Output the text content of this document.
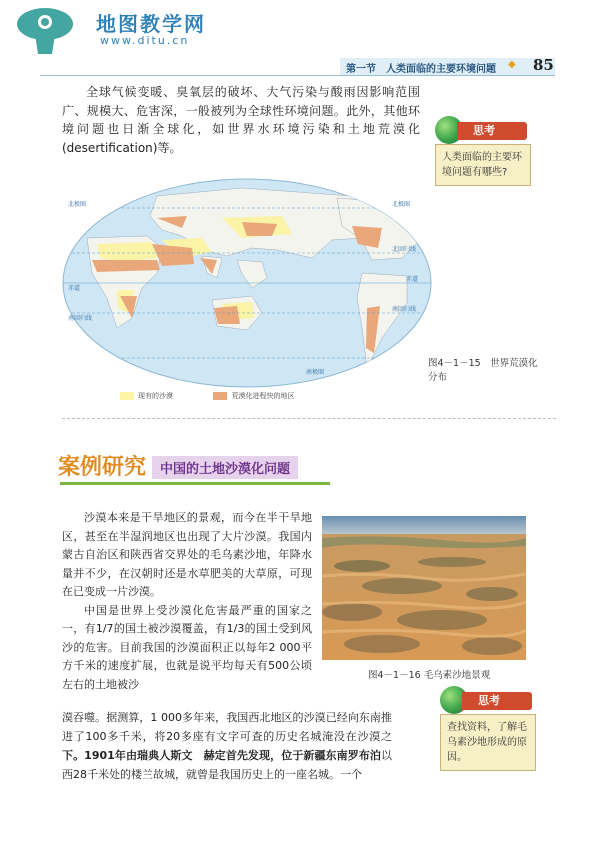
地图教学网
www.ditu.cn
第一节　人类面临的主要环境问题 ◆ 85

全球气候变暖、臭氧层的破坏、大气污染与酸雨因影响范围广、规模大、危害深，一般被列为全球性环境问题。此外，其他环境问题也日渐全球化，如世界水环境污染和土地荒漠化(desertification)等。

思考
人类面临的主要环境问题有哪些?
北极圈	北极圈
北回归线
赤道
赤道
南回归线
南回归线
南极圈
图4－1－15　世界荒漠化分布
现有的沙漠	荒漠化进程快的地区
案例研究	中国的土地沙漠化问题

沙漠本来是干旱地区的景观，而今在半干旱地区，甚至在半湿润地区也出现了大片沙漠。我国内蒙古自治区和陕西省交界处的毛乌素沙地，年降水量并不少，在汉朝时还是水草肥美的大草原，可现在已变成一片沙漠。

中国是世界上受沙漠化危害最严重的国家之一，有1/7的国土被沙漠覆盖，有1/3的国土受到风沙的危害。目前我国的沙漠面积正以每年2 000平方千米的速度扩展，也就是说平均每天有500公顷左右的土地被沙

漠吞噬。据测算，1 000多年来，我国西北地区的沙漠已经向东南推进了100多千米，将20多座有文字可查的历史名城淹没在沙漠之下。1901年由瑞典人斯文　赫定首先发现，位于新疆东南罗布泊以西28千米处的楼兰故城，就曾是我国历史上的一座名城。一个

图4－1－16 毛乌素沙地景观
思考
查找资料，了解毛乌素沙地形成的原因。
